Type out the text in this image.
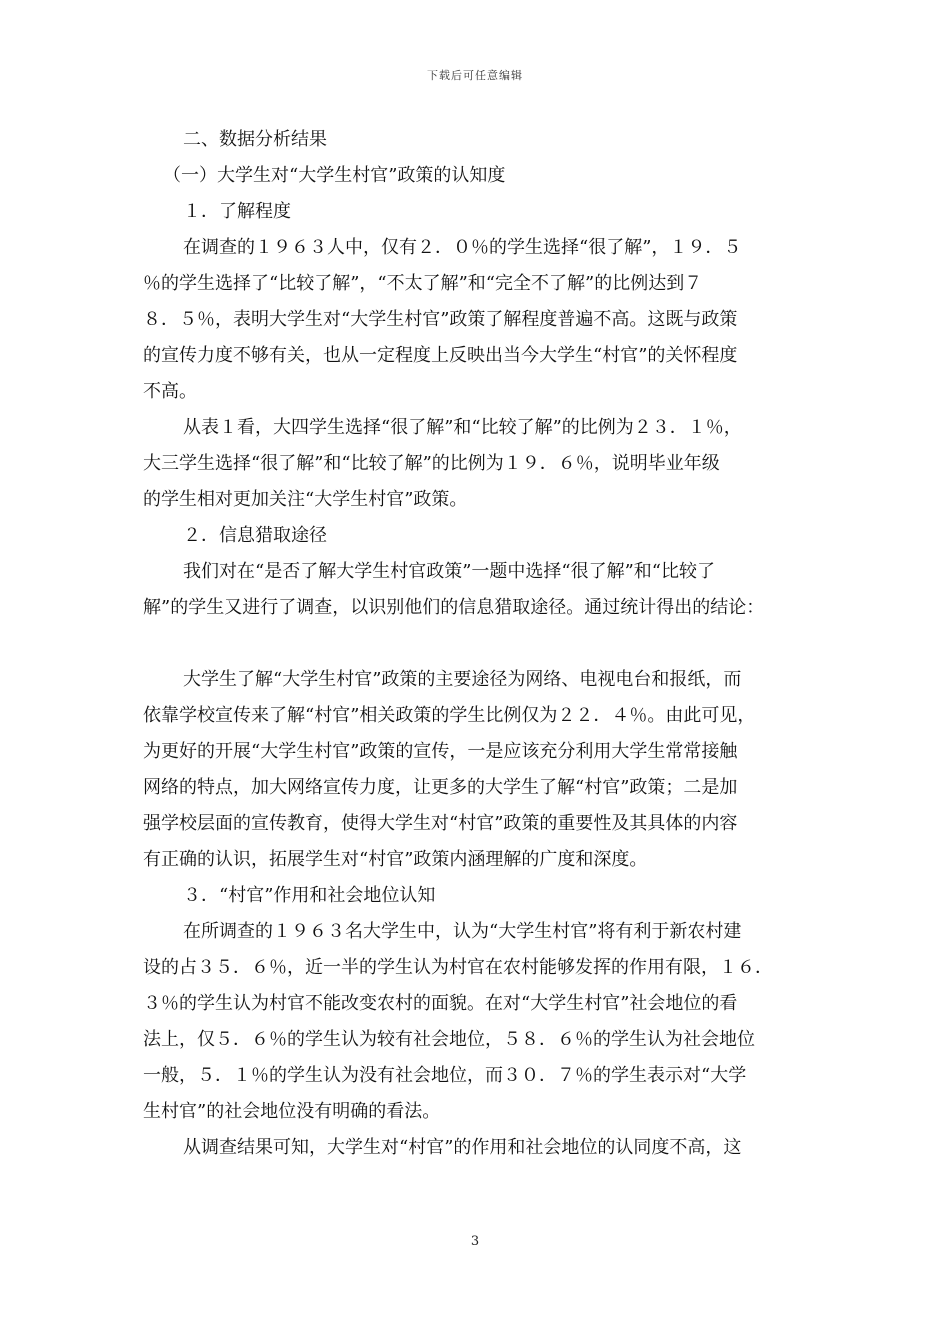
下载后可任意编辑
二、数据分析结果
（一）大学生对“大学生村官”政策的认知度
１．了解程度
在调查的１９６３人中，仅有２．０％的学生选择“很了解”，１９．５
％的学生选择了“比较了解”，“不太了解”和“完全不了解”的比例达到７
８．５％，表明大学生对“大学生村官”政策了解程度普遍不高。这既与政策
的宣传力度不够有关，也从一定程度上反映出当今大学生“村官”的关怀程度
不高。
从表１看，大四学生选择“很了解”和“比较了解”的比例为２３．１％，
大三学生选择“很了解”和“比较了解”的比例为１９．６％，说明毕业年级
的学生相对更加关注“大学生村官”政策。
２．信息猎取途径
我们对在“是否了解大学生村官政策”一题中选择“很了解”和“比较了
解”的学生又进行了调查，以识别他们的信息猎取途径。通过统计得出的结论：
大学生了解“大学生村官”政策的主要途径为网络、电视电台和报纸，而
依靠学校宣传来了解“村官”相关政策的学生比例仅为２２．４％。由此可见，
为更好的开展“大学生村官”政策的宣传，一是应该充分利用大学生常常接触
网络的特点，加大网络宣传力度，让更多的大学生了解“村官”政策；二是加
强学校层面的宣传教育，使得大学生对“村官”政策的重要性及其具体的内容
有正确的认识，拓展学生对“村官”政策内涵理解的广度和深度。
３．“村官”作用和社会地位认知
在所调查的１９６３名大学生中，认为“大学生村官”将有利于新农村建
设的占３５．６％，近一半的学生认为村官在农村能够发挥的作用有限，１６．
３％的学生认为村官不能改变农村的面貌。在对“大学生村官”社会地位的看
法上，仅５．６％的学生认为较有社会地位，５８．６％的学生认为社会地位
一般，５．１％的学生认为没有社会地位，而３０．７％的学生表示对“大学
生村官”的社会地位没有明确的看法。
从调查结果可知，大学生对“村官”的作用和社会地位的认同度不高，这
3
